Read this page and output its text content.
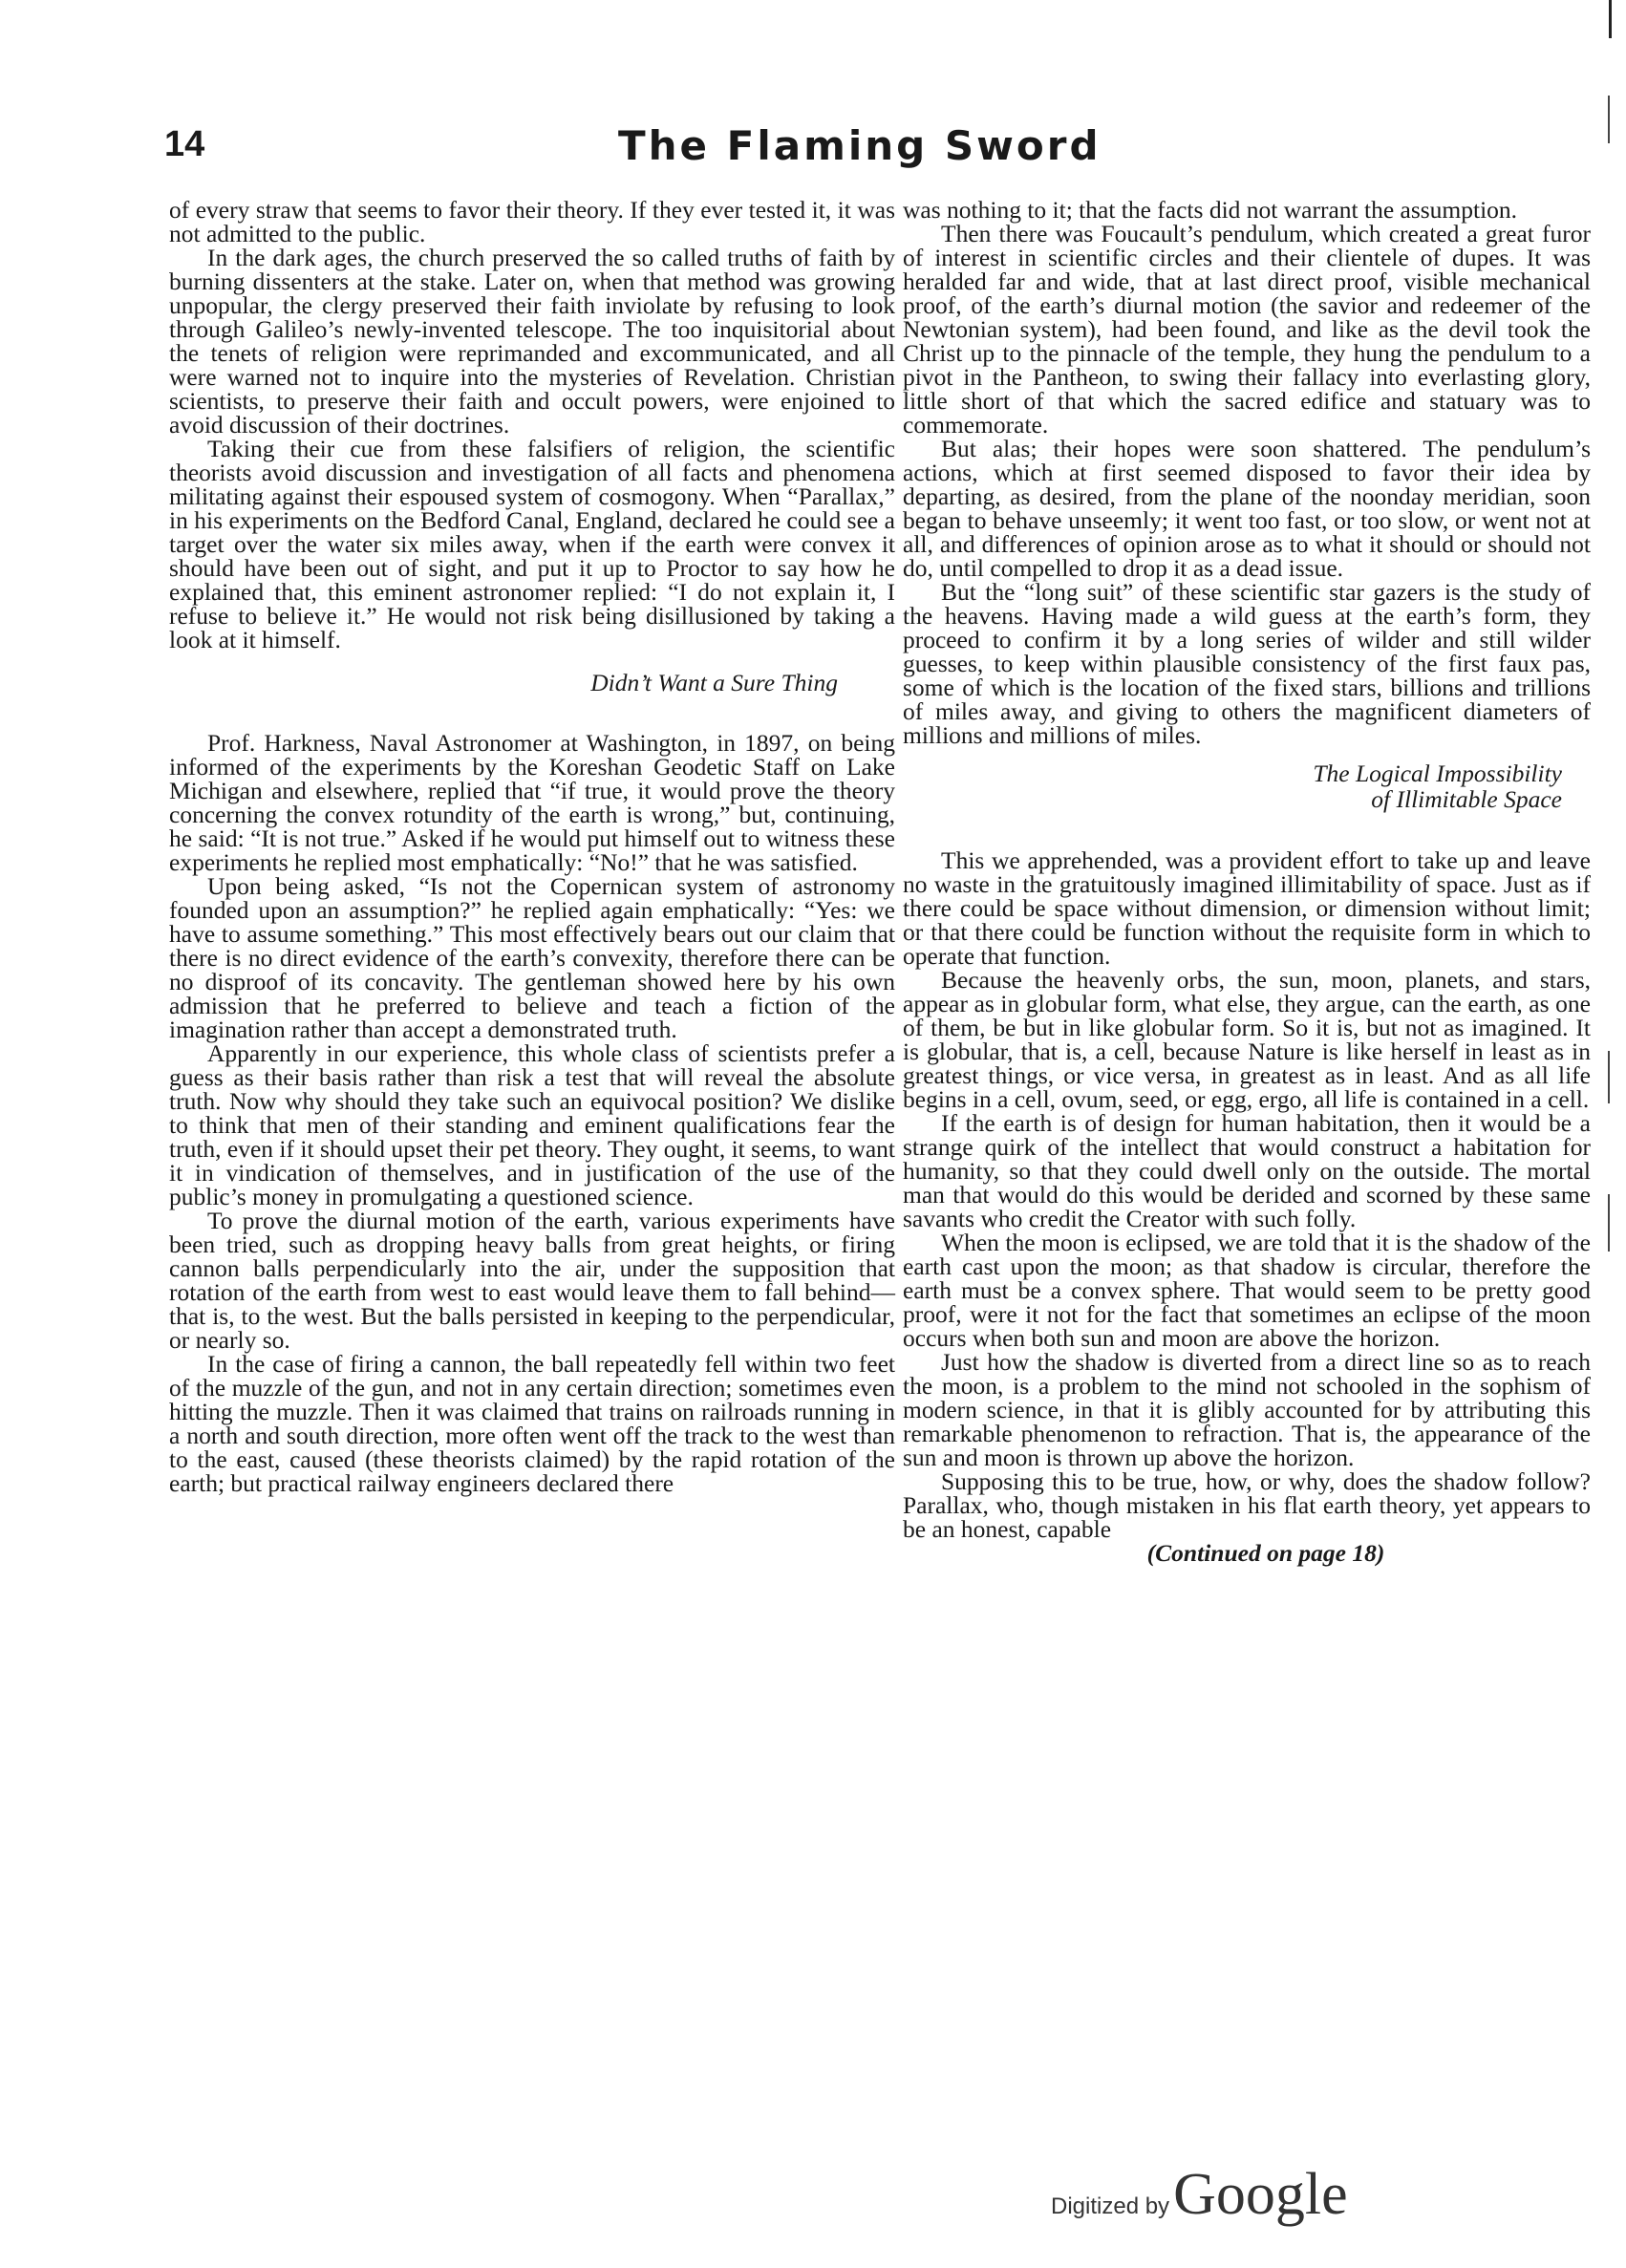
14	The Flaming Sword

of every straw that seems to favor their theory. If they ever tested it, it was not admitted to the public.

In the dark ages, the church preserved the so called truths of faith by burning dissenters at the stake. Later on, when that method was growing unpopular, the clergy preserved their faith inviolate by refusing to look through Galileo’s newly-invented telescope. The too inquisitorial about the tenets of religion were reprimanded and excommunicated, and all were warned not to inquire into the mysteries of Revelation. Christian scientists, to preserve their faith and occult powers, were enjoined to avoid discussion of their doctrines.

Taking their cue from these falsifiers of religion, the scientific theorists avoid discussion and investigation of all facts and phenomena militating against their espoused system of cosmogony. When “Parallax,” in his experiments on the Bedford Canal, England, declared he could see a target over the water six miles away, when if the earth were convex it should have been out of sight, and put it up to Proctor to say how he explained that, this eminent astronomer replied: “I do not explain it, I refuse to believe it.” He would not risk being disillusioned by taking a look at it himself.

Didn’t Want a Sure Thing

Prof. Harkness, Naval Astronomer at Washington, in 1897, on being informed of the experiments by the Koreshan Geodetic Staff on Lake Michigan and elsewhere, replied that “if true, it would prove the theory concerning the convex rotundity of the earth is wrong,” but, continuing, he said: “It is not true.” Asked if he would put himself out to witness these experiments he replied most emphatically: “No!” that he was satisfied.

Upon being asked, “Is not the Copernican system of astronomy founded upon an assumption?” he replied again emphatically: “Yes: we have to assume something.” This most effectively bears out our claim that there is no direct evidence of the earth’s convexity, therefore there can be no disproof of its concavity. The gentleman showed here by his own admission that he preferred to believe and teach a fiction of the imagination rather than accept a demonstrated truth.

Apparently in our experience, this whole class of scientists prefer a guess as their basis rather than risk a test that will reveal the absolute truth. Now why should they take such an equivocal position? We dislike to think that men of their standing and eminent qualifications fear the truth, even if it should upset their pet theory. They ought, it seems, to want it in vindication of themselves, and in justification of the use of the public’s money in promulgating a questioned science.

To prove the diurnal motion of the earth, various experiments have been tried, such as dropping heavy balls from great heights, or firing cannon balls perpendicularly into the air, under the supposition that rotation of the earth from west to east would leave them to fall behind—that is, to the west. But the balls persisted in keeping to the perpendicular, or nearly so.

In the case of firing a cannon, the ball repeatedly fell within two feet of the muzzle of the gun, and not in any certain direction; sometimes even hitting the muzzle. Then it was claimed that trains on railroads running in a north and south direction, more often went off the track to the west than to the east, caused (these theorists claimed) by the rapid rotation of the earth; but practical railway engineers declared there

was nothing to it; that the facts did not warrant the assumption.

Then there was Foucault’s pendulum, which created a great furor of interest in scientific circles and their clientele of dupes. It was heralded far and wide, that at last direct proof, visible mechanical proof, of the earth’s diurnal motion (the savior and redeemer of the Newtonian system), had been found, and like as the devil took the Christ up to the pinnacle of the temple, they hung the pendulum to a pivot in the Pantheon, to swing their fallacy into everlasting glory, little short of that which the sacred edifice and statuary was to commemorate.

But alas; their hopes were soon shattered. The pendulum’s actions, which at first seemed disposed to favor their idea by departing, as desired, from the plane of the noonday meridian, soon began to behave unseemly; it went too fast, or too slow, or went not at all, and differences of opinion arose as to what it should or should not do, until compelled to drop it as a dead issue.

But the “long suit” of these scientific star gazers is the study of the heavens. Having made a wild guess at the earth’s form, they proceed to confirm it by a long series of wilder and still wilder guesses, to keep within plausible consistency of the first faux pas, some of which is the location of the fixed stars, billions and trillions of miles away, and giving to others the magnificent diameters of millions and millions of miles.

The Logical Impossibility
of Illimitable Space

This we apprehended, was a provident effort to take up and leave no waste in the gratuitously imagined illimitability of space. Just as if there could be space without dimension, or dimension without limit; or that there could be function without the requisite form in which to operate that function.

Because the heavenly orbs, the sun, moon, planets, and stars, appear as in globular form, what else, they argue, can the earth, as one of them, be but in like globular form. So it is, but not as imagined. It is globular, that is, a cell, because Nature is like herself in least as in greatest things, or vice versa, in greatest as in least. And as all life begins in a cell, ovum, seed, or egg, ergo, all life is contained in a cell.

If the earth is of design for human habitation, then it would be a strange quirk of the intellect that would construct a habitation for humanity, so that they could dwell only on the outside. The mortal man that would do this would be derided and scorned by these same savants who credit the Creator with such folly.

When the moon is eclipsed, we are told that it is the shadow of the earth cast upon the moon; as that shadow is circular, therefore the earth must be a convex sphere. That would seem to be pretty good proof, were it not for the fact that sometimes an eclipse of the moon occurs when both sun and moon are above the horizon.

Just how the shadow is diverted from a direct line so as to reach the moon, is a problem to the mind not schooled in the sophism of modern science, in that it is glibly accounted for by attributing this remarkable phenomenon to refraction. That is, the appearance of the sun and moon is thrown up above the horizon.

Supposing this to be true, how, or why, does the shadow follow? Parallax, who, though mistaken in his flat earth theory, yet appears to be an honest, capable

(Continued on page 18)

Digitized by Google
